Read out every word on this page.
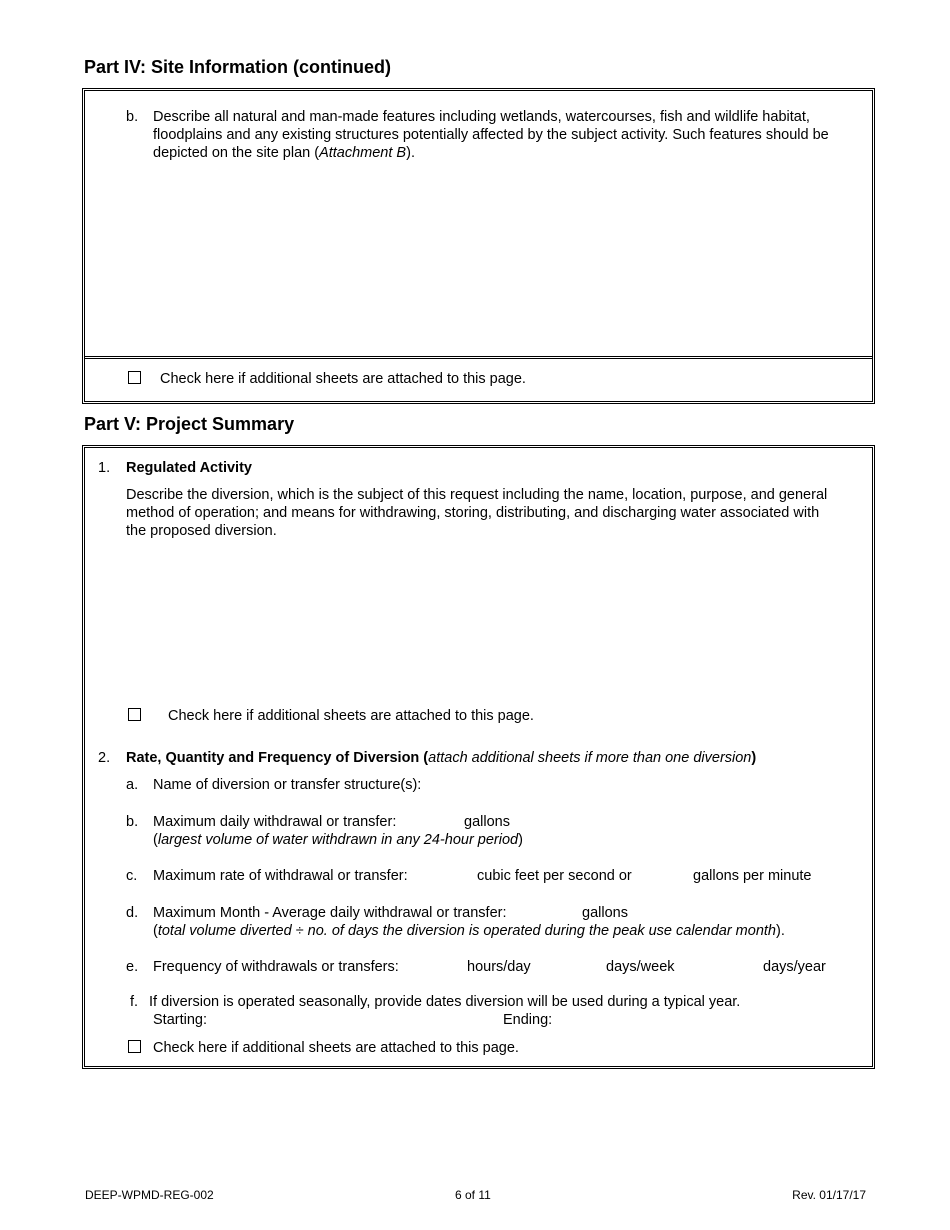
Part IV: Site Information (continued)
b. Describe all natural and man-made features including wetlands, watercourses, fish and wildlife habitat, floodplains and any existing structures potentially affected by the subject activity. Such features should be depicted on the site plan (Attachment B).
Check here if additional sheets are attached to this page.
Part V: Project Summary
1. Regulated Activity
Describe the diversion, which is the subject of this request including the name, location, purpose, and general method of operation; and means for withdrawing, storing, distributing, and discharging water associated with the proposed diversion.
Check here if additional sheets are attached to this page.
2. Rate, Quantity and Frequency of Diversion (attach additional sheets if more than one diversion)
a. Name of diversion or transfer structure(s):
b. Maximum daily withdrawal or transfer:	gallons
(largest volume of water withdrawn in any 24-hour period)
c. Maximum rate of withdrawal or transfer:	cubic feet per second or	gallons per minute
d. Maximum Month - Average daily withdrawal or transfer:	gallons
(total volume diverted ÷ no. of days the diversion is operated during the peak use calendar month).
e. Frequency of withdrawals or transfers:	hours/day	days/week	days/year
f. If diversion is operated seasonally, provide dates diversion will be used during a typical year.
Starting:	Ending:
Check here if additional sheets are attached to this page.
DEEP-WPMD-REG-002	6 of 11	Rev. 01/17/17
